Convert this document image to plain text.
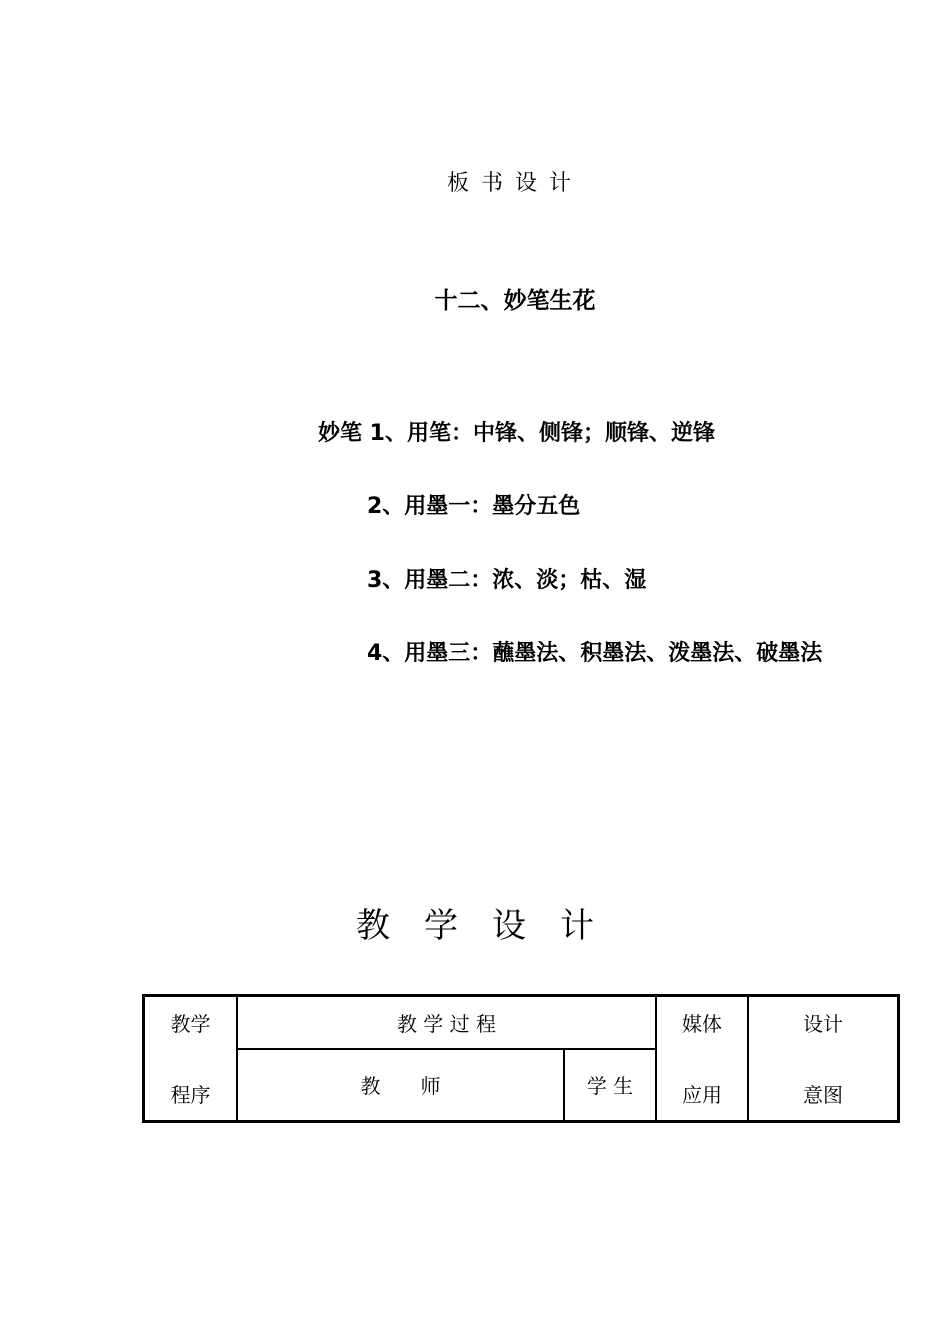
板书设计
十二、妙笔生花
妙笔 1、用笔：中锋、侧锋；顺锋、逆锋
2、用墨一：墨分五色
3、用墨二：浓、淡；枯、湿
4、用墨三：蘸墨法、积墨法、泼墨法、破墨法
教学设计
教学
程序
教 学 过 程
教　　师	学 生
媒体
应用
设计
意图
